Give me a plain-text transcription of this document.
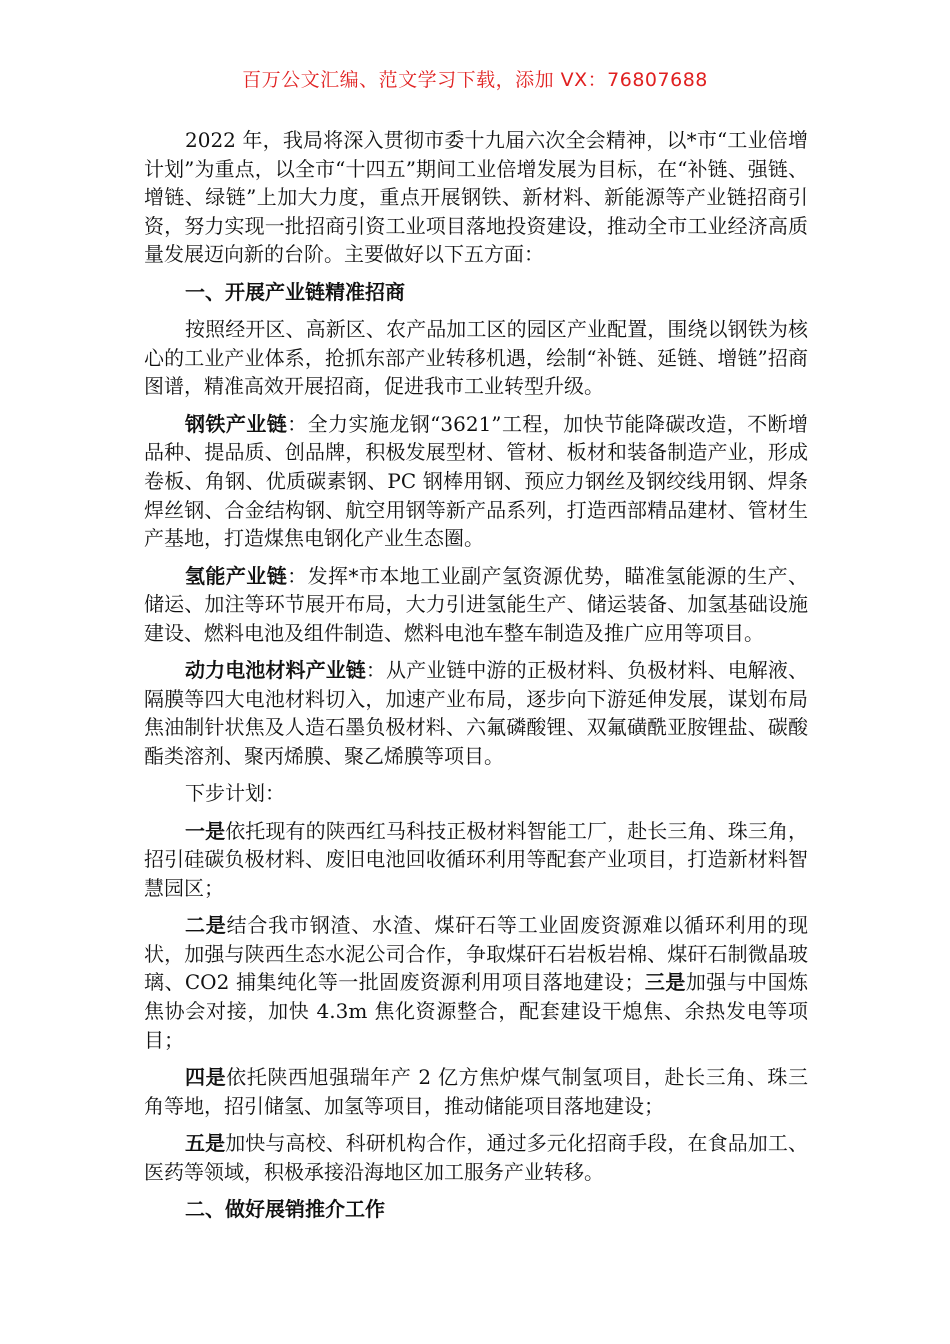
百万公文汇编、范文学习下载，添加 VX：76807688

2022 年，我局将深入贯彻市委十九届六次全会精神，以*市“工业倍增计划”为重点，以全市“十四五”期间工业倍增发展为目标，在“补链、强链、增链、绿链”上加大力度，重点开展钢铁、新材料、新能源等产业链招商引资，努力实现一批招商引资工业项目落地投资建设，推动全市工业经济高质量发展迈向新的台阶。主要做好以下五方面：

一、开展产业链精准招商

按照经开区、高新区、农产品加工区的园区产业配置，围绕以钢铁为核心的工业产业体系，抢抓东部产业转移机遇，绘制“补链、延链、增链”招商图谱，精准高效开展招商，促进我市工业转型升级。

钢铁产业链：全力实施龙钢“3621”工程，加快节能降碳改造，不断增品种、提品质、创品牌，积极发展型材、管材、板材和装备制造产业，形成卷板、角钢、优质碳素钢、PC 钢棒用钢、预应力钢丝及钢绞线用钢、焊条焊丝钢、合金结构钢、航空用钢等新产品系列，打造西部精品建材、管材生产基地，打造煤焦电钢化产业生态圈。

氢能产业链：发挥*市本地工业副产氢资源优势，瞄准氢能源的生产、储运、加注等环节展开布局，大力引进氢能生产、储运装备、加氢基础设施建设、燃料电池及组件制造、燃料电池车整车制造及推广应用等项目。

动力电池材料产业链：从产业链中游的正极材料、负极材料、电解液、隔膜等四大电池材料切入，加速产业布局，逐步向下游延伸发展，谋划布局焦油制针状焦及人造石墨负极材料、六氟磷酸锂、双氟磺酰亚胺锂盐、碳酸酯类溶剂、聚丙烯膜、聚乙烯膜等项目。

下步计划：

一是依托现有的陕西红马科技正极材料智能工厂，赴长三角、珠三角，招引硅碳负极材料、废旧电池回收循环利用等配套产业项目，打造新材料智慧园区；

二是结合我市钢渣、水渣、煤矸石等工业固废资源难以循环利用的现状，加强与陕西生态水泥公司合作，争取煤矸石岩板岩棉、煤矸石制微晶玻璃、CO2 捕集纯化等一批固废资源利用项目落地建设；三是加强与中国炼焦协会对接，加快 4.3m 焦化资源整合，配套建设干熄焦、余热发电等项目；

四是依托陕西旭强瑞年产 2 亿方焦炉煤气制氢项目，赴长三角、珠三角等地，招引储氢、加氢等项目，推动储能项目落地建设；

五是加快与高校、科研机构合作，通过多元化招商手段，在食品加工、医药等领域，积极承接沿海地区加工服务产业转移。

二、做好展销推介工作
